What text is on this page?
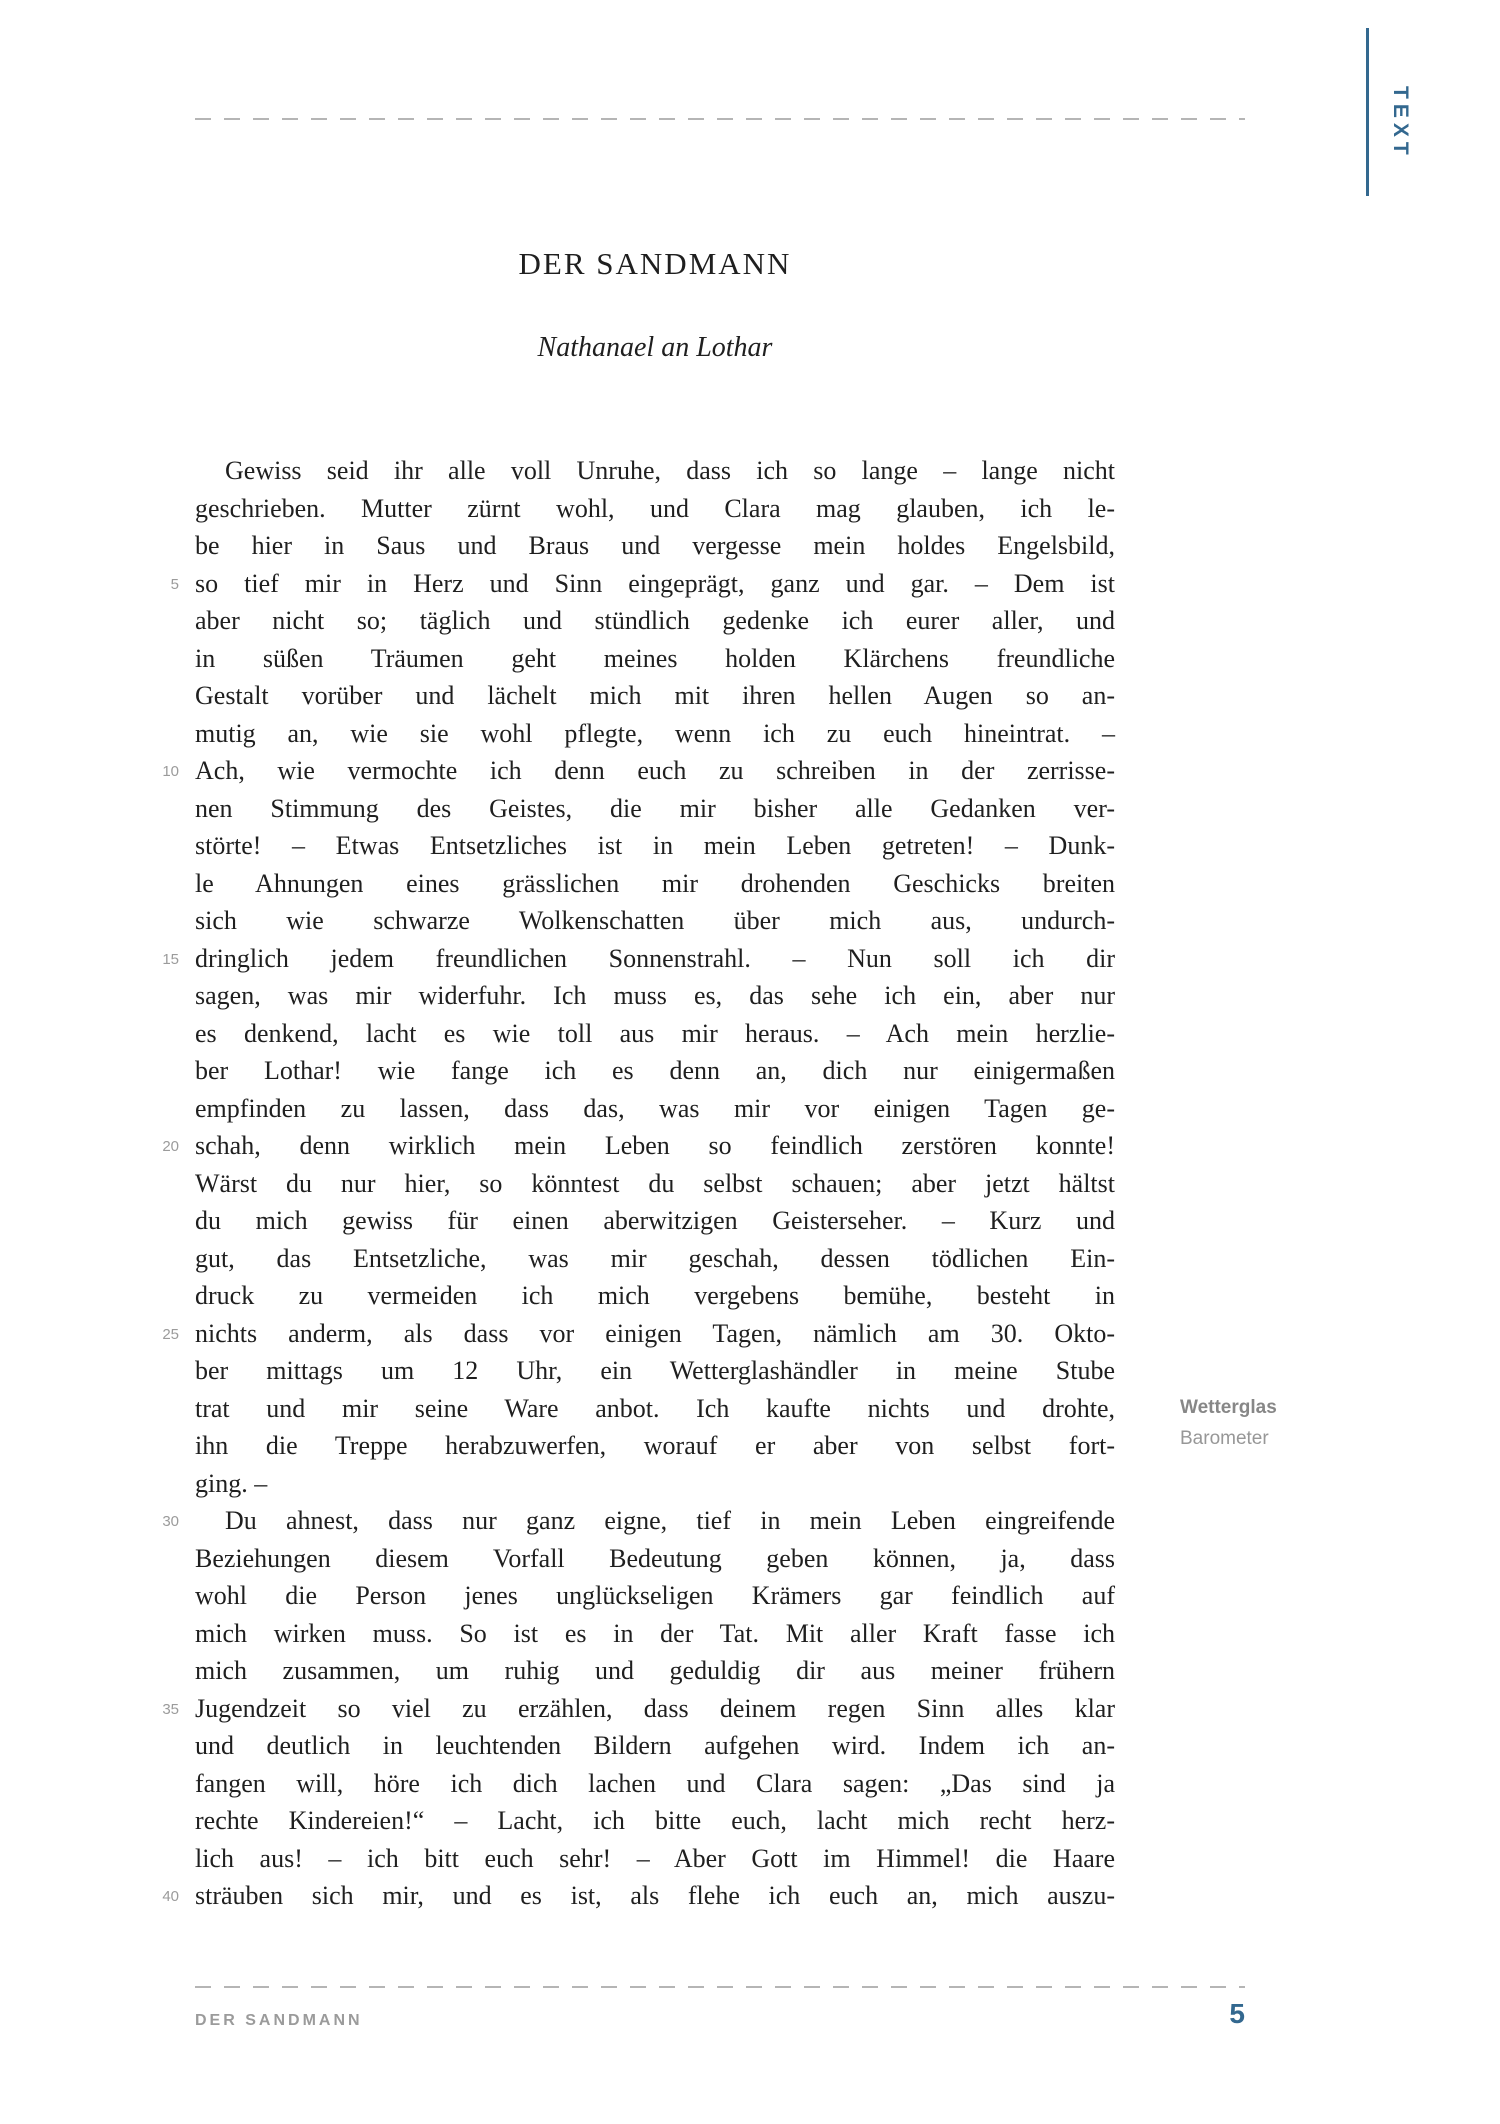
TEXT
DER SANDMANN
Nathanael an Lothar
Gewiss seid ihr alle voll Unruhe, dass ich so lange – lange nicht
geschrieben. Mutter zürnt wohl, und Clara mag glauben, ich le-
be hier in Saus und Braus und vergesse mein holdes Engelsbild,
5 so tief mir in Herz und Sinn eingeprägt, ganz und gar. – Dem ist
aber nicht so; täglich und stündlich gedenke ich eurer aller, und
in süßen Träumen geht meines holden Klärchens freundliche
Gestalt vorüber und lächelt mich mit ihren hellen Augen so an-
mutig an, wie sie wohl pflegte, wenn ich zu euch hineintrat. –
10 Ach, wie vermochte ich denn euch zu schreiben in der zerrisse-
nen Stimmung des Geistes, die mir bisher alle Gedanken ver-
störte! – Etwas Entsetzliches ist in mein Leben getreten! – Dunk-
le Ahnungen eines grässlichen mir drohenden Geschicks breiten
sich wie schwarze Wolkenschatten über mich aus, undurch-
15 dringlich jedem freundlichen Sonnenstrahl. – Nun soll ich dir
sagen, was mir widerfuhr. Ich muss es, das sehe ich ein, aber nur
es denkend, lacht es wie toll aus mir heraus. – Ach mein herzlie-
ber Lothar! wie fange ich es denn an, dich nur einigermaßen
empfinden zu lassen, dass das, was mir vor einigen Tagen ge-
20 schah, denn wirklich mein Leben so feindlich zerstören konnte!
Wärst du nur hier, so könntest du selbst schauen; aber jetzt hältst
du mich gewiss für einen aberwitzigen Geisterseher. – Kurz und
gut, das Entsetzliche, was mir geschah, dessen tödlichen Ein-
druck zu vermeiden ich mich vergebens bemühe, besteht in
25 nichts anderm, als dass vor einigen Tagen, nämlich am 30. Okto-
ber mittags um 12 Uhr, ein Wetterglashändler in meine Stube
trat und mir seine Ware anbot. Ich kaufte nichts und drohte,
ihn die Treppe herabzuwerfen, worauf er aber von selbst fort-
ging. –
30	Du ahnest, dass nur ganz eigne, tief in mein Leben eingreifende
Beziehungen diesem Vorfall Bedeutung geben können, ja, dass
wohl die Person jenes unglückseligen Krämers gar feindlich auf
mich wirken muss. So ist es in der Tat. Mit aller Kraft fasse ich
mich zusammen, um ruhig und geduldig dir aus meiner frühern
35 Jugendzeit so viel zu erzählen, dass deinem regen Sinn alles klar
und deutlich in leuchtenden Bildern aufgehen wird. Indem ich an-
fangen will, höre ich dich lachen und Clara sagen: „Das sind ja
rechte Kindereien!“ – Lacht, ich bitte euch, lacht mich recht herz-
lich aus! – ich bitt euch sehr! – Aber Gott im Himmel! die Haare
40 sträuben sich mir, und es ist, als flehe ich euch an, mich auszu-
Wetterglas
Barometer
DER SANDMANN	5
